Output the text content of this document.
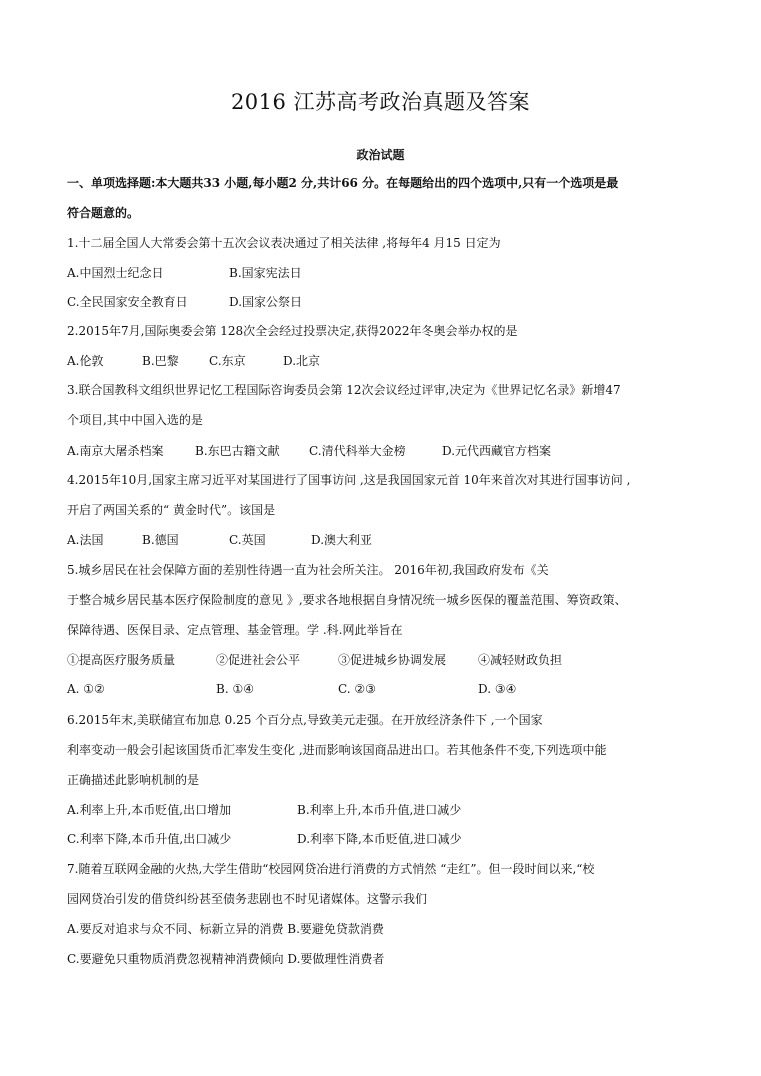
2016 江苏高考政治真题及答案
政治试题
一、单项选择题:本大题共33 小题,每小题2 分,共计66 分。在每题给出的四个选项中,只有一个选项是最
符合题意的。
1.十二届全国人大常委会第十五次会议表决通过了相关法律 ,将每年4 月15 日定为
A.中国烈士纪念日	B.国家宪法日
C.全民国家安全教育日	D.国家公祭日
2.2015年7月,国际奥委会第 128次全会经过投票决定,获得2022年冬奥会举办权的是
A.伦敦	B.巴黎	C.东京	D.北京
3.联合国教科文组织世界记忆工程国际咨询委员会第 12次会议经过评审,决定为《世界记忆名录》新增47
个项目,其中中国入选的是
A.南京大屠杀档案	B.东巴古籍文献 C.清代科举大金榜	D.元代西藏官方档案
4.2015年10月,国家主席习近平对某国进行了国事访问 ,这是我国国家元首 10年来首次对其进行国事访问 ,
开启了两国关系的“ 黄金时代”。该国是
A.法国	B.德国	C.英国	D.澳大利亚
5.城乡居民在社会保障方面的差别性待遇一直为社会所关注。 2016年初,我国政府发布《关
于整合城乡居民基本医疗保险制度的意见 》,要求各地根据自身情况统一城乡医保的覆盖范围、筹资政策、
保障待遇、医保目录、定点管理、基金管理。学 .科.网此举旨在
①提高医疗服务质量	②促进社会公平	③促进城乡协调发展	④减轻财政负担
A. ①②	B. ①④	C. ②③	D. ③④
6.2015年末,美联储宣布加息 0.25 个百分点,导致美元走强。在开放经济条件下 ,一个国家
利率变动一般会引起该国货币汇率发生变化 ,进而影响该国商品进出口。若其他条件不变,下列选项中能
正确描述此影响机制的是
A.利率上升,本币贬值,出口增加	B.利率上升,本币升值,进口减少
C.利率下降,本币升值,出口减少	D.利率下降,本币贬值,进口减少
7.随着互联网金融的火热,大学生借助“校园网贷冶进行消费的方式悄然 “走红”。但一段时间以来,“校
园网贷冶引发的借贷纠纷甚至债务悲剧也不时见诸媒体。这警示我们
A.要反对追求与众不同、标新立异的消费 B.要避免贷款消费
C.要避免只重物质消费忽视精神消费倾向 D.要做理性消费者
